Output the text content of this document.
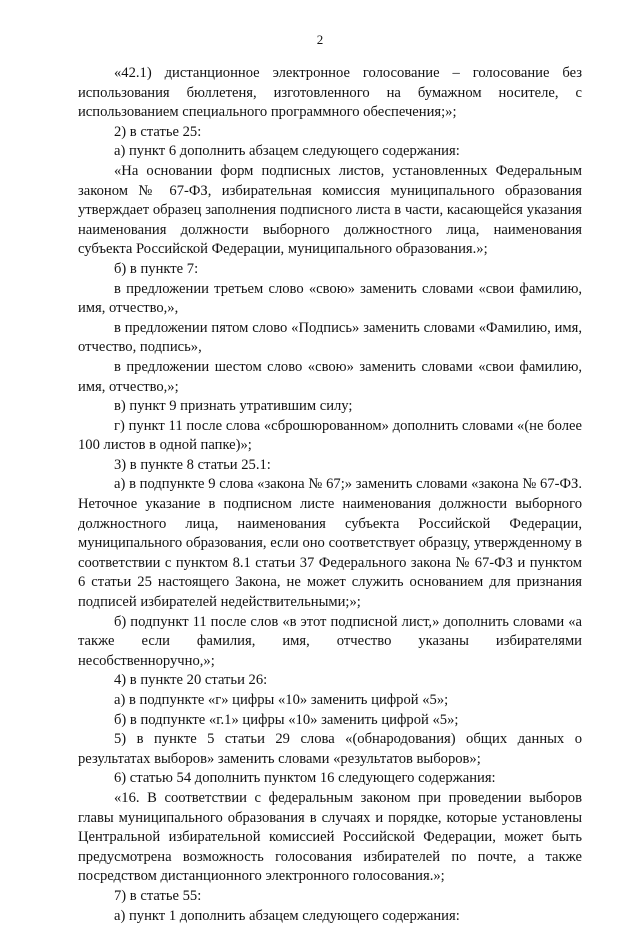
2

«42.1) дистанционное электронное голосование – голосование без использования бюллетеня, изготовленного на бумажном носителе, с использованием специального программного обеспечения;»;

2) в статье 25:

а) пункт 6 дополнить абзацем следующего содержания:

«На основании форм подписных листов, установленных Федеральным законом № 67-ФЗ, избирательная комиссия муниципального образования утверждает образец заполнения подписного листа в части, касающейся указания наименования должности выборного должностного лица, наименования субъекта Российской Федерации, муниципального образования.»;

б) в пункте 7:

в предложении третьем слово «свою» заменить словами «свои фамилию, имя, отчество,»,

в предложении пятом слово «Подпись» заменить словами «Фамилию, имя, отчество, подпись»,

в предложении шестом слово «свою» заменить словами «свои фамилию, имя, отчество,»;

в) пункт 9 признать утратившим силу;

г) пункт 11 после слова «сброшюрованном» дополнить словами «(не более 100 листов в одной папке)»;

3) в пункте 8 статьи 25.1:

а) в подпункте 9 слова «закона № 67;» заменить словами «закона № 67-ФЗ. Неточное указание в подписном листе наименования должности выборного должностного лица, наименования субъекта Российской Федерации, муниципального образования, если оно соответствует образцу, утвержденному в соответствии с пунктом 8.1 статьи 37 Федерального закона № 67-ФЗ и пунктом 6 статьи 25 настоящего Закона, не может служить основанием для признания подписей избирателей недействительными;»;

б) подпункт 11 после слов «в этот подписной лист,» дополнить словами «а также если фамилия, имя, отчество указаны избирателями несобственноручно,»;

4) в пункте 20 статьи 26:

а) в подпункте «г» цифры «10» заменить цифрой «5»;

б) в подпункте «г.1» цифры «10» заменить цифрой «5»;

5) в пункте 5 статьи 29 слова «(обнародования) общих данных о результатах выборов» заменить словами «результатов выборов»;

6) статью 54 дополнить пунктом 16 следующего содержания:

«16. В соответствии с федеральным законом при проведении выборов главы муниципального образования в случаях и порядке, которые установлены Центральной избирательной комиссией Российской Федерации, может быть предусмотрена возможность голосования избирателей по почте, а также посредством дистанционного электронного голосования.»;

7) в статье 55:

а) пункт 1 дополнить абзацем следующего содержания:
